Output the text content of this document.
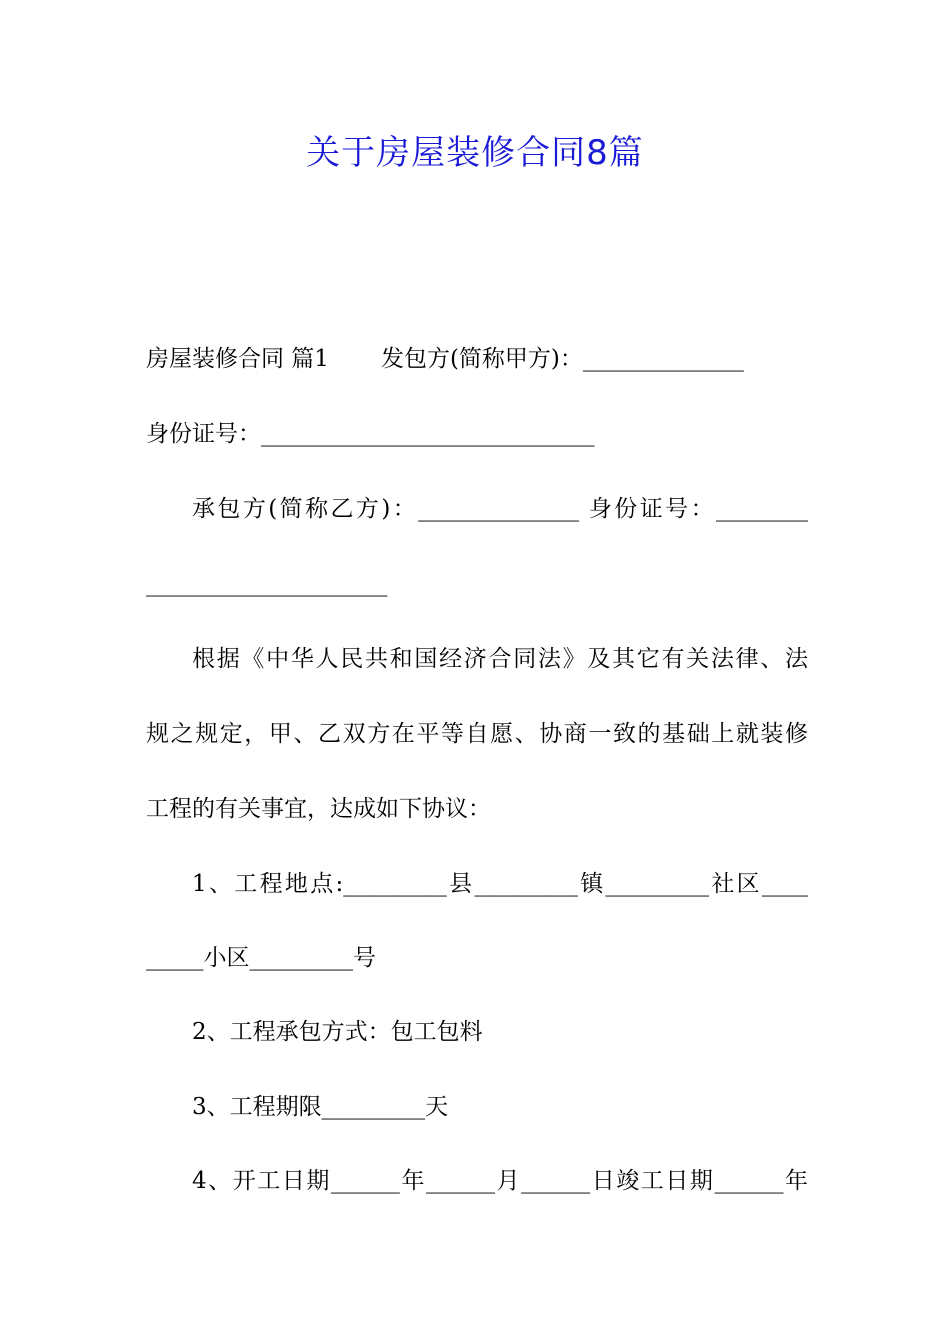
关于房屋装修合同8篇
房屋装修合同 篇1 发包方(简称甲方)：______________
身份证号：_____________________________
承包方(简称乙方)：______________ 身份证号：________
_____________________
根据《中华人民共和国经济合同法》及其它有关法律、法
规之规定，甲、乙双方在平等自愿、协商一致的基础上就装修
工程的有关事宜，达成如下协议：
1、工程地点:_________县_________镇_________社区____
_____小区_________号
2、工程承包方式：包工包料
3、工程期限_________天
4、开工日期______年______月______日竣工日期______年
